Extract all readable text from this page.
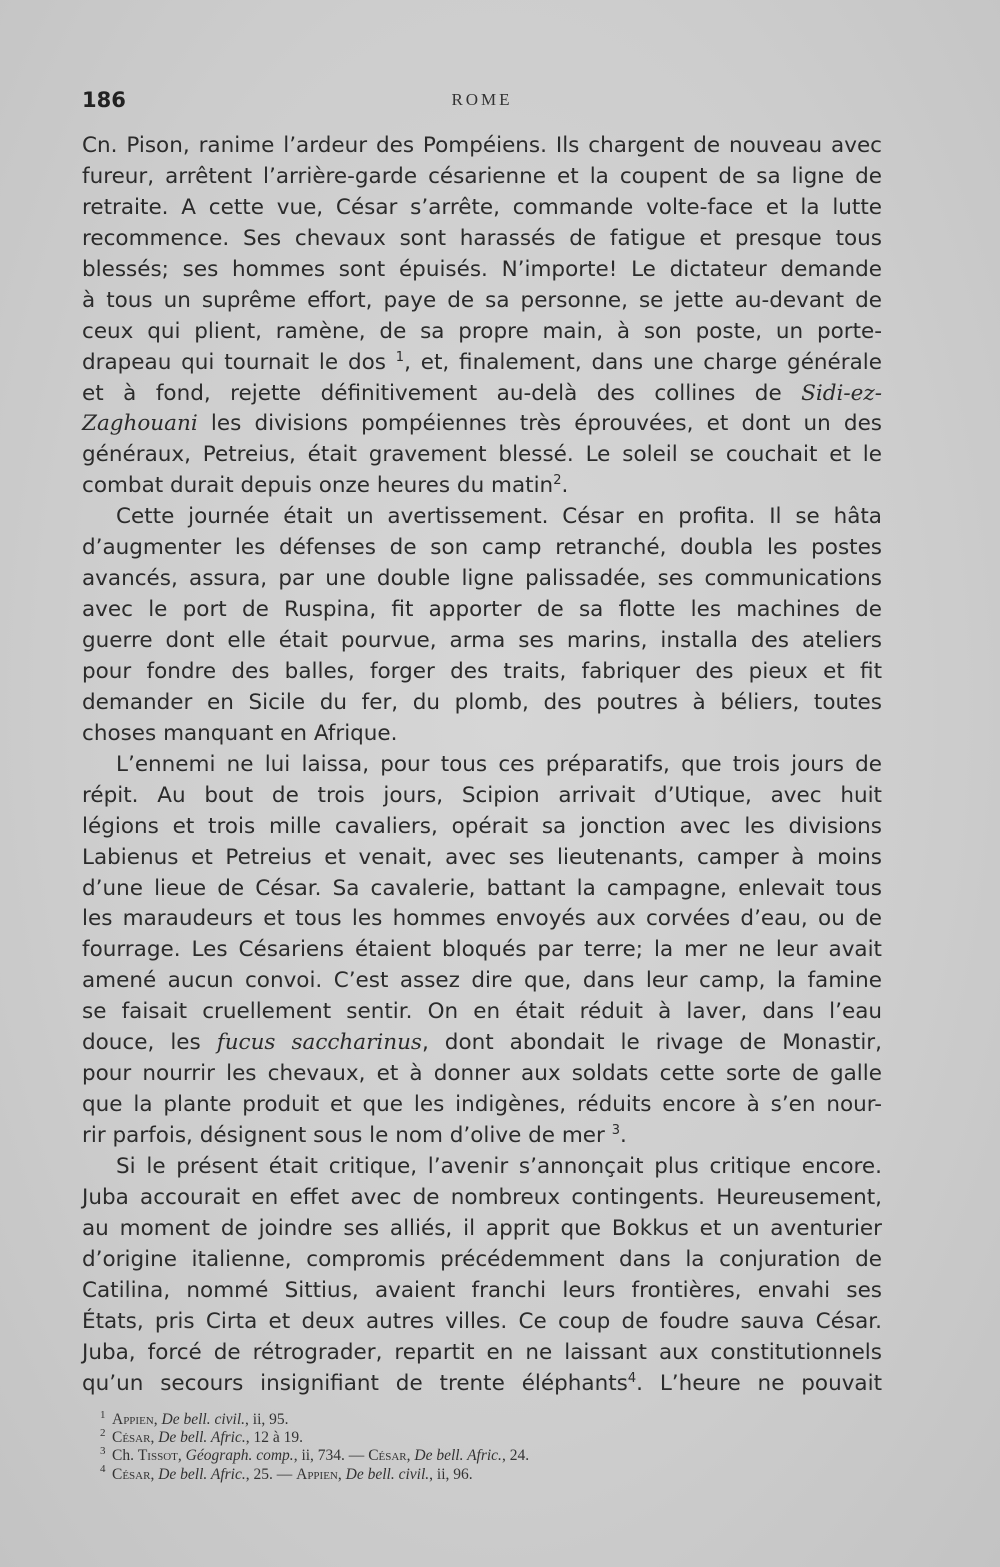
186	ROME
Cn. Pison, ranime l’ardeur des Pompéiens. Ils chargent de nouveau avec
fureur, arrêtent l’arrière-garde césarienne et la coupent de sa ligne de
retraite. A cette vue, César s’arrête, commande volte-face et la lutte
recommence. Ses chevaux sont harassés de fatigue et presque tous
blessés; ses hommes sont épuisés. N’importe! Le dictateur demande
à tous un suprême effort, paye de sa personne, se jette au-devant de
ceux qui plient, ramène, de sa propre main, à son poste, un porte-
drapeau qui tournait le dos $^1$, et, finalement, dans une charge générale
et à fond, rejette définitivement au-delà des collines de Sidi-ez-
Zaghouani les divisions pompéiennes très éprouvées, et dont un des
généraux, Petreius, était gravement blessé. Le soleil se couchait et le
combat durait depuis onze heures du matin$^2$.
Cette journée était un avertissement. César en profita. Il se hâta
d’augmenter les défenses de son camp retranché, doubla les postes
avancés, assura, par une double ligne palissadée, ses communications
avec le port de Ruspina, fit apporter de sa flotte les machines de
guerre dont elle était pourvue, arma ses marins, installa des ateliers
pour fondre des balles, forger des traits, fabriquer des pieux et fit
demander en Sicile du fer, du plomb, des poutres à béliers, toutes
choses manquant en Afrique.
L’ennemi ne lui laissa, pour tous ces préparatifs, que trois jours de
répit. Au bout de trois jours, Scipion arrivait d’Utique, avec huit
légions et trois mille cavaliers, opérait sa jonction avec les divisions
Labienus et Petreius et venait, avec ses lieutenants, camper à moins
d’une lieue de César. Sa cavalerie, battant la campagne, enlevait tous
les maraudeurs et tous les hommes envoyés aux corvées d’eau, ou de
fourrage. Les Césariens étaient bloqués par terre; la mer ne leur avait
amené aucun convoi. C’est assez dire que, dans leur camp, la famine
se faisait cruellement sentir. On en était réduit à laver, dans l’eau
douce, les fucus saccharinus, dont abondait le rivage de Monastir,
pour nourrir les chevaux, et à donner aux soldats cette sorte de galle
que la plante produit et que les indigènes, réduits encore à s’en nour-
rir parfois, désignent sous le nom d’olive de mer $^3$.
Si le présent était critique, l’avenir s’annonçait plus critique encore.
Juba accourait en effet avec de nombreux contingents. Heureusement,
au moment de joindre ses alliés, il apprit que Bokkus et un aventurier
d’origine italienne, compromis précédemment dans la conjuration de
Catilina, nommé Sittius, avaient franchi leurs frontières, envahi ses
États, pris Cirta et deux autres villes. Ce coup de foudre sauva César.
Juba, forcé de rétrograder, repartit en ne laissant aux constitutionnels
qu’un secours insignifiant de trente éléphants$^4$. L’heure ne pouvait
1 Appien, De bell. civil., ii, 95.
2 César, De bell. Afric., 12 à 19.
3 Ch. Tissot, Géograph. comp., ii, 734. — César, De bell. Afric., 24.
4 César, De bell. Afric., 25. — Appien, De bell. civil., ii, 96.
